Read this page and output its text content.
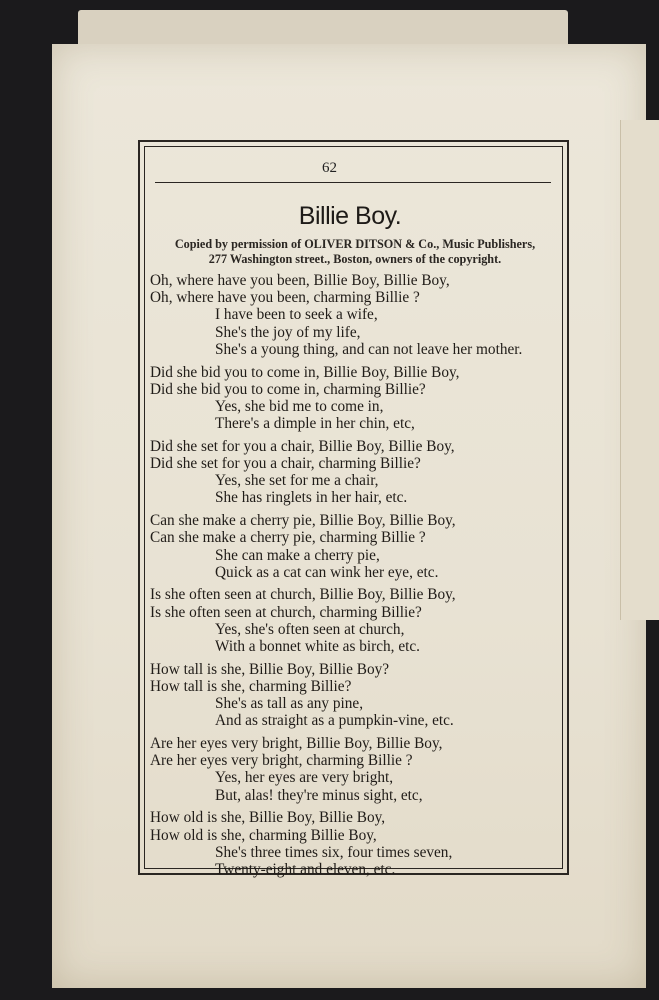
62
Billie Boy.
Copied by permission of OLIVER DITSON & Co., Music Publishers,
277 Washington street., Boston, owners of the copyright.
Oh, where have you been, Billie Boy, Billie Boy,
Oh, where have you been, charming Billie ?
I have been to seek a wife,
She's the joy of my life,
She's a young thing, and can not leave her mother.
Did she bid you to come in, Billie Boy, Billie Boy,
Did she bid you to come in, charming Billie?
Yes, she bid me to come in,
There's a dimple in her chin, etc,
Did she set for you a chair, Billie Boy, Billie Boy,
Did she set for you a chair, charming Billie?
Yes, she set for me a chair,
She has ringlets in her hair, etc.
Can she make a cherry pie, Billie Boy, Billie Boy,
Can she make a cherry pie, charming Billie ?
She can make a cherry pie,
Quick as a cat can wink her eye, etc.
Is she often seen at church, Billie Boy, Billie Boy,
Is she often seen at church, charming Billie?
Yes, she's often seen at church,
With a bonnet white as birch, etc.
How tall is she, Billie Boy, Billie Boy?
How tall is she, charming Billie?
She's as tall as any pine,
And as straight as a pumpkin-vine, etc.
Are her eyes very bright, Billie Boy, Billie Boy,
Are her eyes very bright, charming Billie ?
Yes, her eyes are very bright,
But, alas! they're minus sight, etc,
How old is she, Billie Boy, Billie Boy,
How old is she, charming Billie Boy,
She's three times six, four times seven,
Twenty-eight and eleven, etc.
